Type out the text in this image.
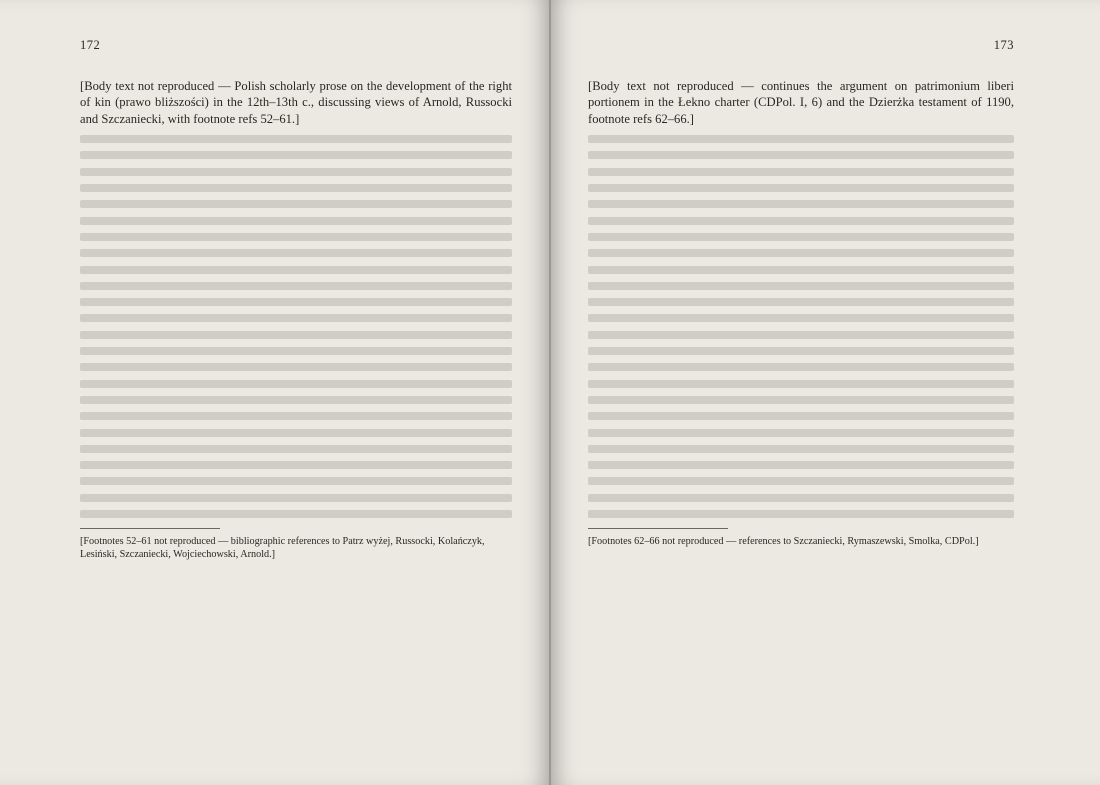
172

[Body text not reproduced — Polish scholarly prose on the development of the right of kin (prawo bliższości) in the 12th–13th c., discussing views of Arnold, Russocki and Szczaniecki, with footnote refs 52–61.]

[Footnotes 52–61 not reproduced — bibliographic references to Patrz wyżej, Russocki, Kolańczyk, Lesiński, Szczaniecki, Wojciechowski, Arnold.]
173

[Body text not reproduced — continues the argument on patrimonium liberi portionem in the Łekno charter (CDPol. I, 6) and the Dzierżka testament of 1190, footnote refs 62–66.]

[Footnotes 62–66 not reproduced — references to Szczaniecki, Rymaszewski, Smolka, CDPol.]
